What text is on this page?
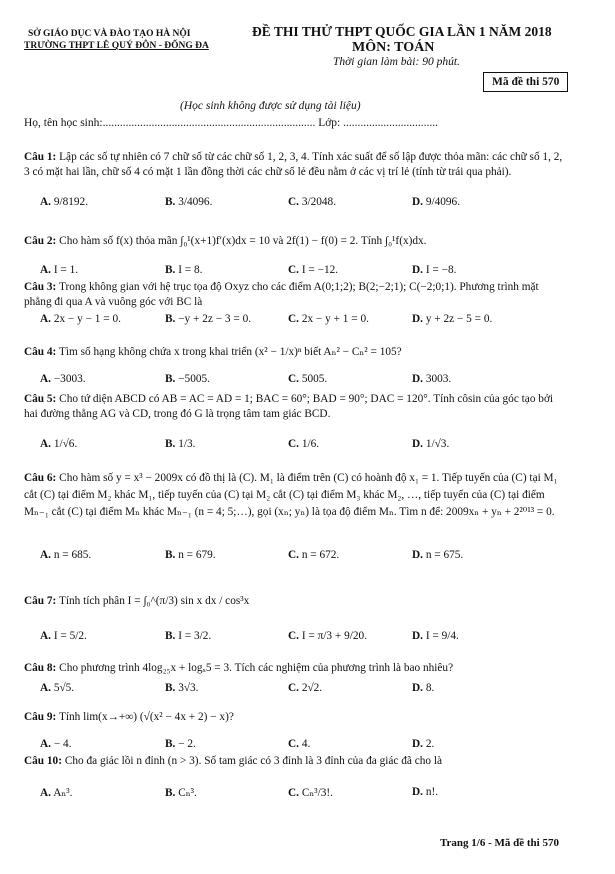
SỞ GIÁO DỤC VÀ ĐÀO TẠO HÀ NỘI
TRƯỜNG THPT LÊ QUÝ ĐÔN - ĐỐNG ĐA
ĐỀ THI THỬ THPT QUỐC GIA LẦN 1 NĂM 2018
MÔN: TOÁN
Thời gian làm bài: 90 phút.
Mã đề thi 570
(Học sinh không được sử dụng tài liệu)
Họ, tên học sinh:.......................................................................... Lớp: .................................
Câu 1: Lập các số tự nhiên có 7 chữ số từ các chữ số 1, 2, 3, 4. Tính xác suất để số lập được thỏa mãn: các chữ số 1, 2, 3 có mặt hai lần, chữ số 4 có mặt 1 lần đồng thời các chữ số lẻ đều nằm ở các vị trí lẻ (tính từ trái qua phải).
A. 9/8192.	B. 3/4096.	C. 3/2048.	D. 9/4096.
Câu 2: Cho hàm số f(x) thỏa mãn ∫₀¹(x+1)f′(x)dx = 10 và 2f(1) − f(0) = 2. Tính ∫₀¹f(x)dx.
A. I = 1.	B. I = 8.	C. I = −12.	D. I = −8.
Câu 3: Trong không gian với hệ trục tọa độ Oxyz cho các điểm A(0;1;2); B(2;−2;1); C(−2;0;1). Phương trình mặt phẳng đi qua A và vuông góc với BC là
A. 2x − y − 1 = 0.	B. −y + 2z − 3 = 0.	C. 2x − y + 1 = 0.	D. y + 2z − 5 = 0.
Câu 4: Tìm số hạng không chứa x trong khai triển (x² − 1/x)ⁿ biết Aₙ² − Cₙ² = 105?
A. −3003.	B. −5005.	C. 5005.	D. 3003.
Câu 5: Cho tứ diện ABCD có AB = AC = AD = 1; BAC = 60°; BAD = 90°; DAC = 120°. Tính côsin của góc tạo bởi hai đường thẳng AG và CD, trong đó G là trọng tâm tam giác BCD.
A. 1/√6.	B. 1/3.	C. 1/6.	D. 1/√3.
Câu 6: Cho hàm số y = x³ − 2009x có đồ thị là (C). M₁ là điểm trên (C) có hoành độ x₁ = 1. Tiếp tuyến của (C) tại M₁ cắt (C) tại điểm M₂ khác M₁, tiếp tuyến của (C) tại M₂ cắt (C) tại điểm M₃ khác M₂, …, tiếp tuyến của (C) tại điểm Mₙ₋₁ cắt (C) tại điểm Mₙ khác Mₙ₋₁ (n = 4; 5;…), gọi (xₙ; yₙ) là tọa độ điểm Mₙ. Tìm n để: 2009xₙ + yₙ + 2²⁰¹³ = 0.
A. n = 685.	B. n = 679.	C. n = 672.	D. n = 675.
Câu 7: Tính tích phân I = ∫₀^(π/3) sin x dx / cos³x
A. I = 5/2.	B. I = 3/2.	C. I = π/3 + 9/20.	D. I = 9/4.
Câu 8: Cho phương trình 4log₂₅x + logₓ5 = 3. Tích các nghiệm của phương trình là bao nhiêu?
A. 5√5.	B. 3√3.	C. 2√2.	D. 8.
Câu 9: Tính lim(x→+∞) (√(x² − 4x + 2) − x)?
A. − 4.	B. − 2.	C. 4.	D. 2.
Câu 10: Cho đa giác lồi n đỉnh (n > 3). Số tam giác có 3 đỉnh là 3 đỉnh của đa giác đã cho là
A. Aₙ³.	B. Cₙ³.	C. Cₙ³/3!.	D. n!.
Trang 1/6 - Mã đề thi 570
